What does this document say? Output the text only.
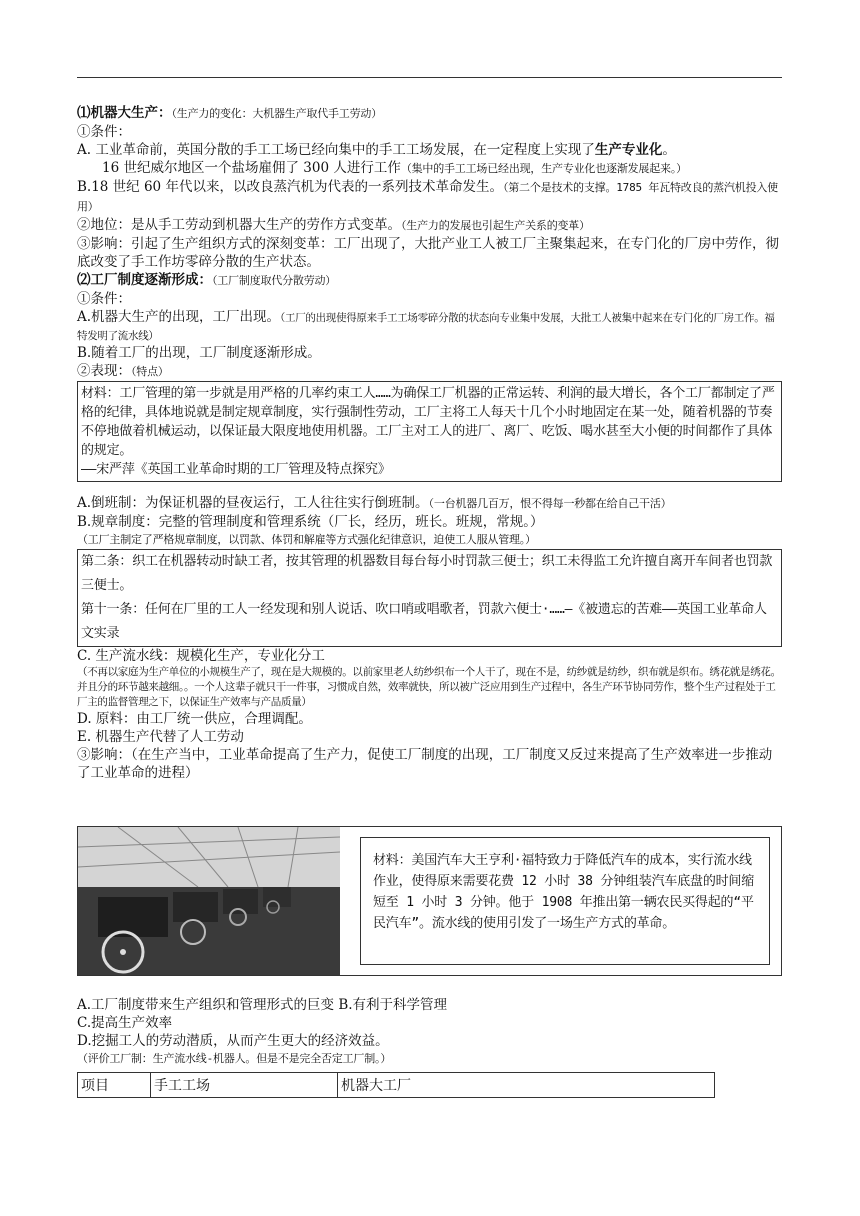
⑴机器大生产：（生产力的变化：大机器生产取代手工劳动）

①条件：

A. 工业革命前，英国分散的手工工场已经向集中的手工工场发展，在一定程度上实现了生产专业化。

16 世纪威尔地区一个盐场雇佣了 300 人进行工作（集中的手工工场已经出现，生产专业化也逐渐发展起来。）

B.18 世纪 60 年代以来，以改良蒸汽机为代表的一系列技术革命发生。（第二个是技术的支撑。1785 年瓦特改良的蒸汽机投入使用）

②地位：是从手工劳动到机器大生产的劳作方式变革。（生产力的发展也引起生产关系的变革）

③影响：引起了生产组织方式的深刻变革：工厂出现了，大批产业工人被工厂主聚集起来，在专门化的厂房中劳作，彻底改变了手工作坊零碎分散的生产状态。

⑵工厂制度逐渐形成：（工厂制度取代分散劳动）

①条件：

A.机器大生产的出现，工厂出现。（工厂的出现使得原来手工工场零碎分散的状态向专业集中发展，大批工人被集中起来在专门化的厂房工作。福特发明了流水线）

B.随着工厂的出现，工厂制度逐渐形成。

②表现：（特点）

材料：工厂管理的第一步就是用严格的几率约束工人……为确保工厂机器的正常运转、利润的最大增长，各个工厂都制定了严格的纪律，具体地说就是制定规章制度，实行强制性劳动，工厂主将工人每天十几个小时地固定在某一处，随着机器的节奏不停地做着机械运动，以保证最大限度地使用机器。工厂主对工人的进厂、离厂、吃饭、喝水甚至大小便的时间都作了具体的规定。

——宋严萍《英国工业革命时期的工厂管理及特点探究》

A.倒班制：为保证机器的昼夜运行，工人往往实行倒班制。（一台机器几百万，恨不得每一秒都在给自己干活）

B.规章制度：完整的管理制度和管理系统（厂长，经历，班长。班规，常规。）

（工厂主制定了严格规章制度，以罚款、体罚和解雇等方式强化纪律意识，迫使工人服从管理。）

第二条：织工在机器转动时缺工者，按其管理的机器数目每台每小时罚款三便士；织工未得监工允许擅自离开车间者也罚款三便士。

第十一条：任何在厂里的工人一经发现和别人说话、吹口哨或唱歌者，罚款六便士·……—《被遗忘的苦难——英国工业革命人文实录

C. 生产流水线：规模化生产，专业化分工

（不再以家庭为生产单位的小规模生产了，现在是大规模的。以前家里老人纺纱织布一个人干了，现在不是，纺纱就是纺纱，织布就是织布。绣花就是绣花。并且分的环节越来越细。。一个人这辈子就只干一件事，习惯成自然，效率就快，所以被广泛应用到生产过程中，各生产环节协同劳作，整个生产过程处于工厂主的监督管理之下，以保证生产效率与产品质量）

D. 原料：由工厂统一供应，合理调配。

E. 机器生产代替了人工劳动

③影响：（在生产当中，工业革命提高了生产力，促使工厂制度的出现，工厂制度又反过来提高了生产效率进一步推动了工业革命的进程）

材料：美国汽车大王亨利·福特致力于降低汽车的成本，实行流水线作业，使得原来需要花费 12 小时 38 分钟组装汽车底盘的时间缩短至 1 小时 3 分钟。他于 1908 年推出第一辆农民买得起的“平民汽车”。流水线的使用引发了一场生产方式的革命。

A.工厂制度带来生产组织和管理形式的巨变 B.有利于科学管理

C.提高生产效率

D.挖掘工人的劳动潜质，从而产生更大的经济效益。

（评价工厂制：生产流水线-机器人。但是不是完全否定工厂制。）

项目	手工工场	机器大工厂
